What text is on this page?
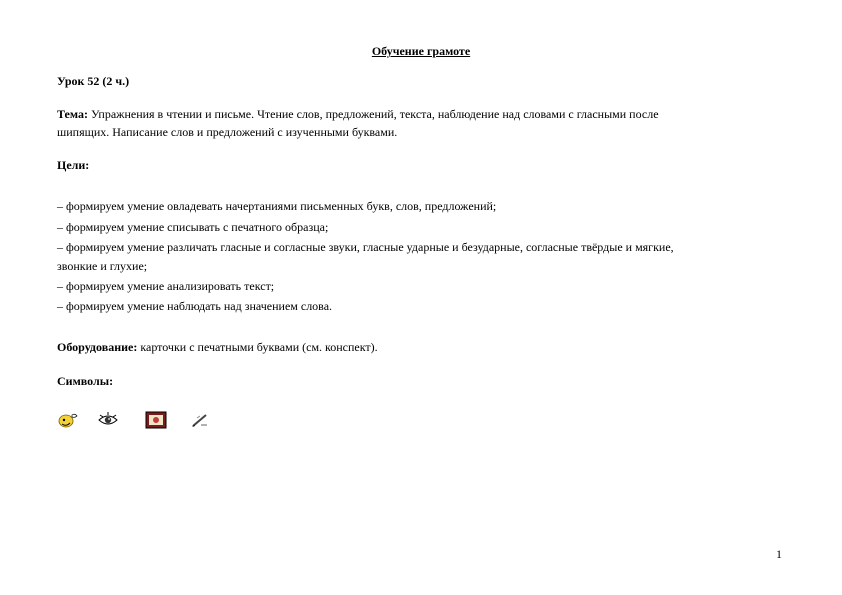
Обучение грамоте
Урок 52 (2 ч.)
Тема: Упражнения в чтении и письме. Чтение слов, предложений, текста, наблюдение над словами с гласными после
шипящих. Написание слов и предложений с изученными буквами.
Цели:
– формируем умение овладевать начертаниями письменных букв, слов, предложений;
– формируем умение списывать с печатного образца;
– формируем умение различать гласные и согласные звуки, гласные ударные и безударные, согласные твёрдые и мягкие,
звонкие и глухие;
– формируем умение анализировать текст;
– формируем умение наблюдать над значением слова.
Оборудование: карточки с печатными буквами (см. конспект).
Символы:
1
